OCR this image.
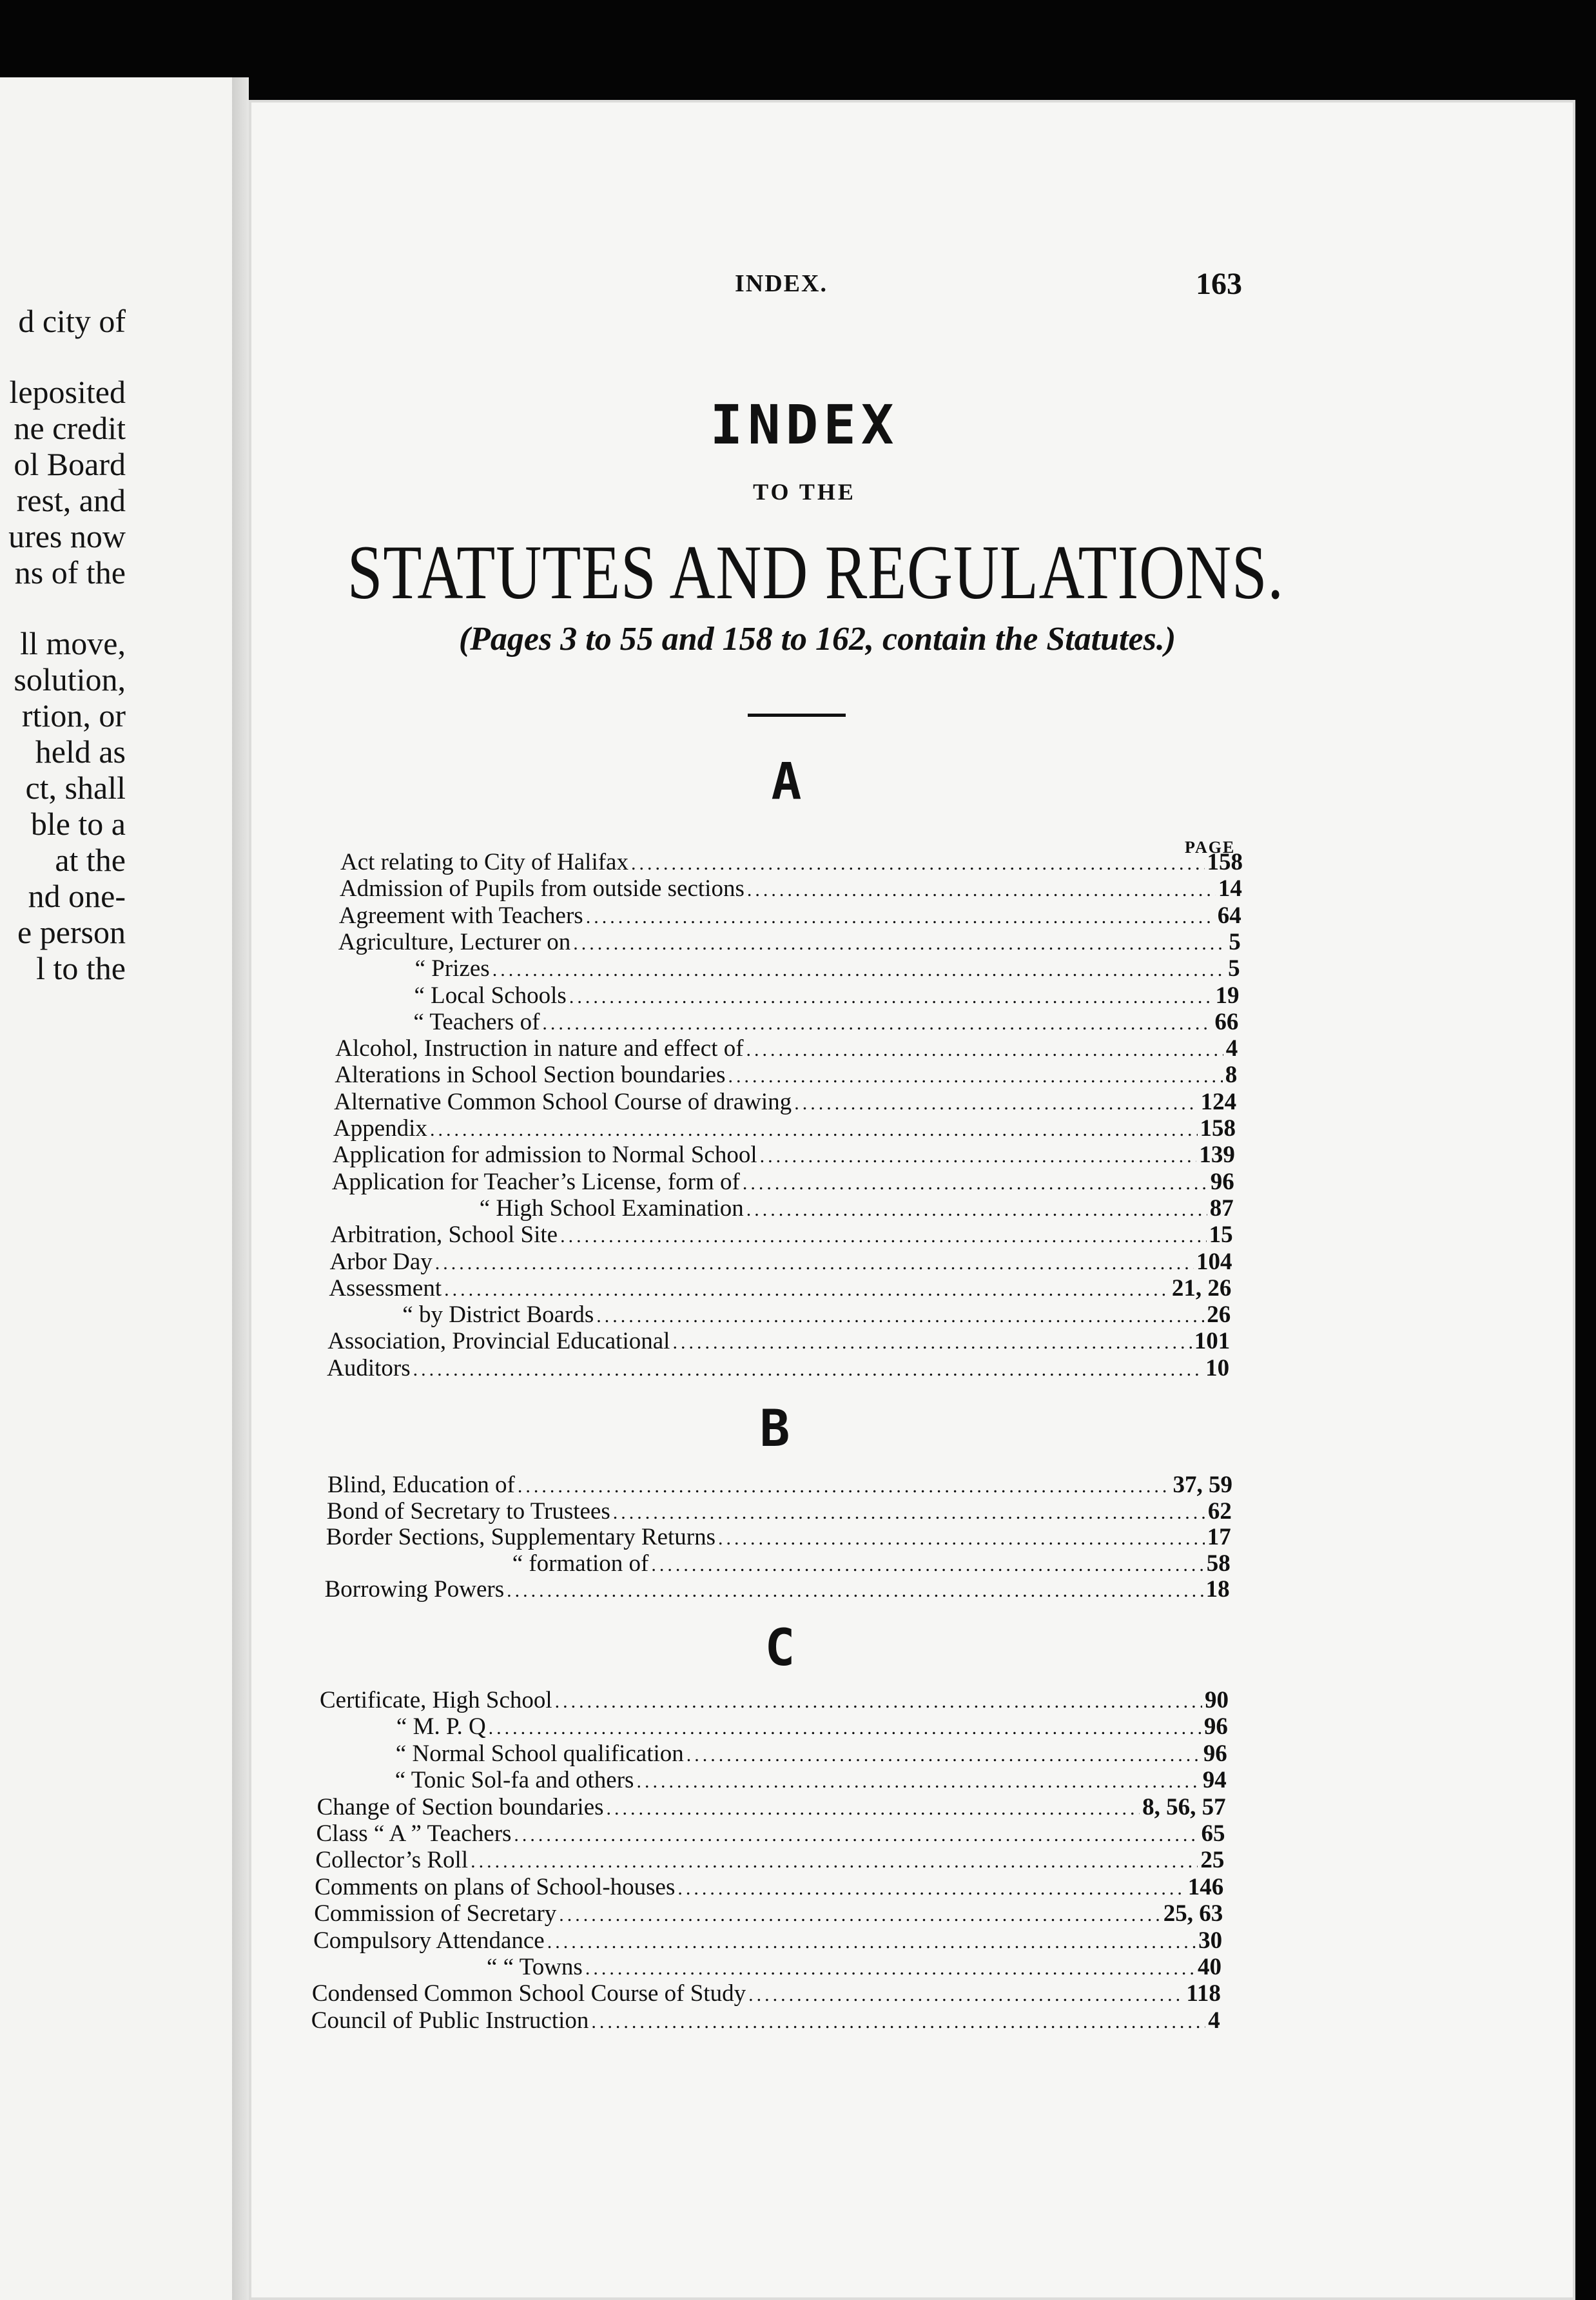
d city of
leposited
ne credit
ol Board
rest, and
ures now
ns of the
ll move,
solution,
rtion, or
held as
ct, shall
ble to a
at the
nd one-
e person
l to the
INDEX.	163
INDEX
TO THE
STATUTES AND REGULATIONS.
(Pages 3 to 55 and 158 to 162, contain the Statutes.)
A
B
C
PAGE
Act relating to City of Halifax .....	158
Admission of Pupils from outside sections .....	14
Agreement with Teachers .....	64
Agriculture, Lecturer on .....	5
“ Prizes .....	5
“ Local Schools .....	19
“ Teachers of .....	66
Alcohol, Instruction in nature and effect of .....	4
Alterations in School Section boundaries .....	8
Alternative Common School Course of drawing .....	124
Appendix .....	158
Application for admission to Normal School .....	139
Application for Teacher’s License, form of .....	96
“ High School Examination .....	87
Arbitration, School Site .....	15
Arbor Day .....	104
Assessment .....	21, 26
“ by District Boards .....	26
Association, Provincial Educational .....	101
Auditors .....	10
Blind, Education of .....	37, 59
Bond of Secretary to Trustees .....	62
Border Sections, Supplementary Returns .....	17
“ formation of .....	58
Borrowing Powers .....	18
Certificate, High School .....	90
“ M. P. Q .....	96
“ Normal School qualification .....	96
“ Tonic Sol-fa and others .....	94
Change of Section boundaries .....	8, 56, 57
Class “ A ” Teachers .....	65
Collector’s Roll .....	25
Comments on plans of School-houses .....	146
Commission of Secretary .....	25, 63
Compulsory Attendance .....	30
“ “ Towns .....	40
Condensed Common School Course of Study .....	118
Council of Public Instruction .....	4
